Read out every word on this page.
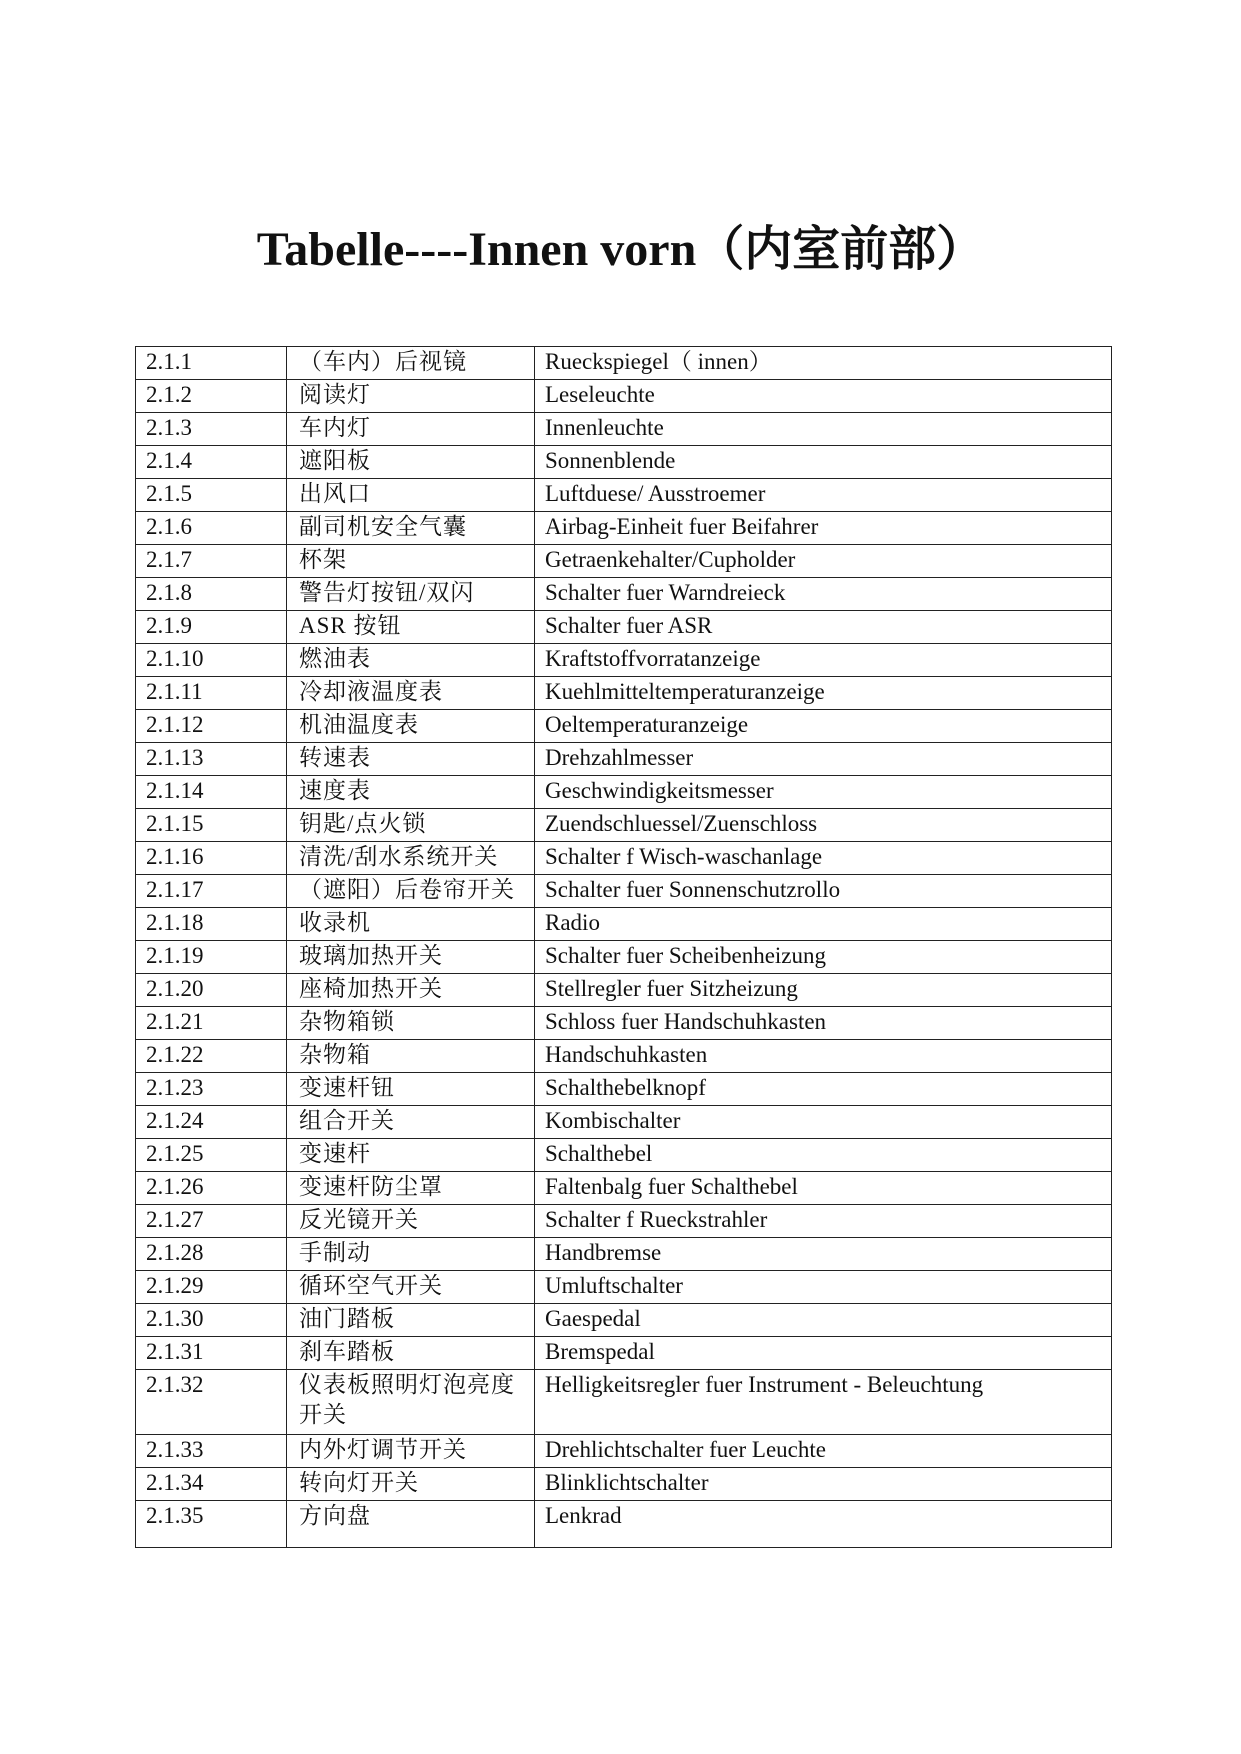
Tabelle----Innen vorn（内室前部）
2.1.1	（车内）后视镜	Rueckspiegel（ innen）
2.1.2	阅读灯	Leseleuchte
2.1.3	车内灯	Innenleuchte
2.1.4	遮阳板	Sonnenblende
2.1.5	出风口	Luftduese/ Ausstroemer
2.1.6	副司机安全气囊	Airbag-Einheit fuer Beifahrer
2.1.7	杯架	Getraenkehalter/Cupholder
2.1.8	警告灯按钮/双闪	Schalter fuer Warndreieck
2.1.9	ASR 按钮	Schalter fuer ASR
2.1.10	燃油表	Kraftstoffvorratanzeige
2.1.11	冷却液温度表	Kuehlmitteltemperaturanzeige
2.1.12	机油温度表	Oeltemperaturanzeige
2.1.13	转速表	Drehzahlmesser
2.1.14	速度表	Geschwindigkeitsmesser
2.1.15	钥匙/点火锁	Zuendschluessel/Zuenschloss
2.1.16	清洗/刮水系统开关	Schalter f Wisch-waschanlage
2.1.17	（遮阳）后卷帘开关	Schalter fuer Sonnenschutzrollo
2.1.18	收录机	Radio
2.1.19	玻璃加热开关	Schalter fuer Scheibenheizung
2.1.20	座椅加热开关	Stellregler fuer Sitzheizung
2.1.21	杂物箱锁	Schloss fuer Handschuhkasten
2.1.22	杂物箱	Handschuhkasten
2.1.23	变速杆钮	Schalthebelknopf
2.1.24	组合开关	Kombischalter
2.1.25	变速杆	Schalthebel
2.1.26	变速杆防尘罩	Faltenbalg fuer Schalthebel
2.1.27	反光镜开关	Schalter f Rueckstrahler
2.1.28	手制动	Handbremse
2.1.29	循环空气开关	Umluftschalter
2.1.30	油门踏板	Gaespedal
2.1.31	刹车踏板	Bremspedal
2.1.32	仪表板照明灯泡亮度开关	Helligkeitsregler fuer Instrument - Beleuchtung
2.1.33	内外灯调节开关	Drehlichtschalter fuer Leuchte
2.1.34	转向灯开关	Blinklichtschalter
2.1.35	方向盘	Lenkrad
